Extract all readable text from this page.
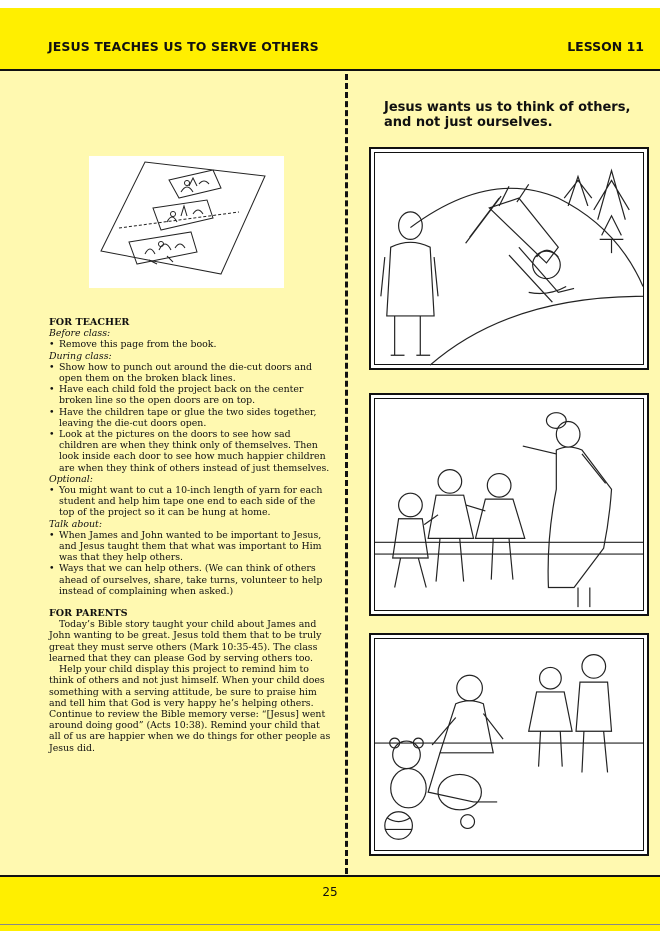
JESUS TEACHES US TO SERVE OTHERS	LESSON 11
FOR TEACHER
Before class:
• Remove this page from the book.
During class:
• Show how to punch out around the die-cut doors and open them on the broken black lines.
• Have each child fold the project back on the center broken line so the open doors are on top.
• Have the children tape or glue the two sides together, leaving the die-cut doors open.
• Look at the pictures on the doors to see how sad children are when they think only of themselves. Then look inside each door to see how much happier children are when they think of others instead of just themselves.
Optional:
• You might want to cut a 10-inch length of yarn for each student and help him tape one end to each side of the top of the project so it can be hung at home.
Talk about:
• When James and John wanted to be important to Jesus, and Jesus taught them that what was important to Him was that they help others.
• Ways that we can help others. (We can think of others ahead of ourselves, share, take turns, volunteer to help instead of complaining when asked.)
FOR PARENTS

Today’s Bible story taught your child about James and John wanting to be great. Jesus told them that to be truly great they must serve others (Mark 10:35-45). The class learned that they can please God by serving others too.

Help your child display this project to remind him to think of others and not just himself. When your child does something with a serving attitude, be sure to praise him and tell him that God is very happy he’s helping others. Continue to review the Bible memory verse: “[Jesus] went around doing good” (Acts 10:38). Remind your child that all of us are happier when we do things for other people as Jesus did.

Jesus wants us to think of others,
and not just ourselves.
25
